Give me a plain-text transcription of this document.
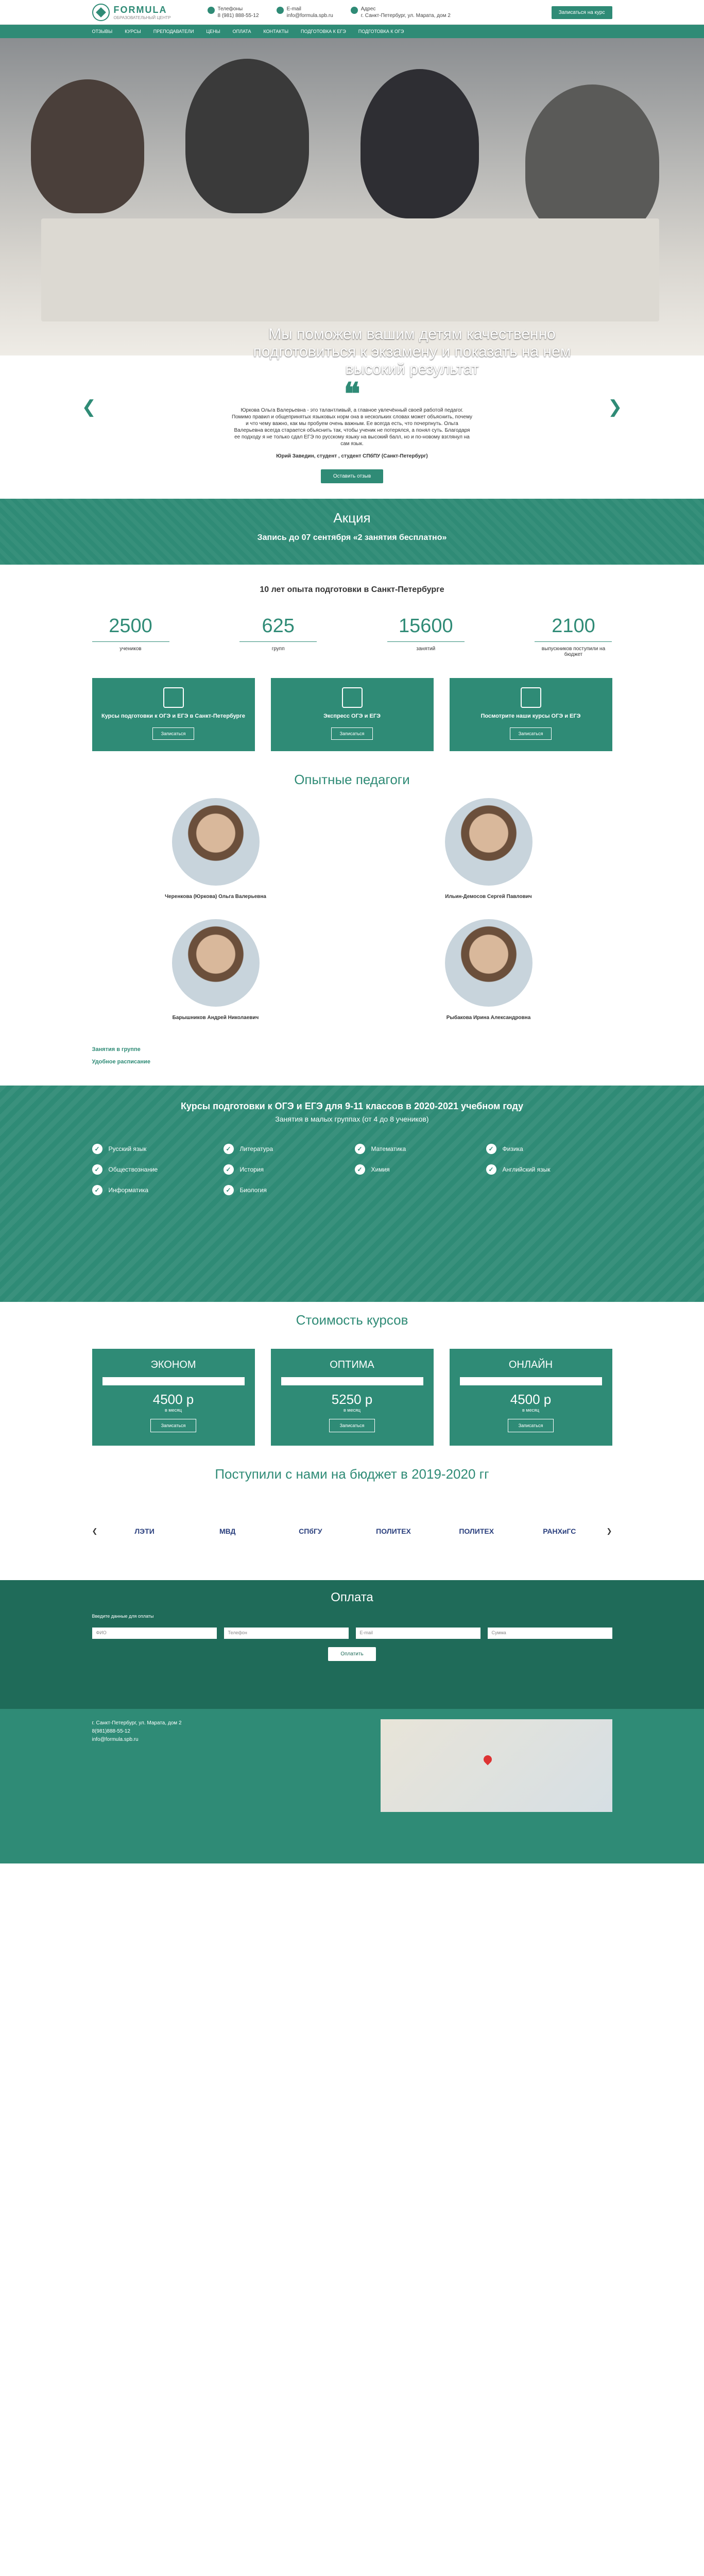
FORMULA
ОБРАЗОВАТЕЛЬНЫЙ ЦЕНТР
Телефоны
8 (981) 888-55-12
E-mail
info@formula.spb.ru
Адрес
г. Санкт-Петербург, ул. Марата, дом 2
Записаться на курс
ОТЗЫВЫ	КУРСЫ	ПРЕПОДАВАТЕЛИ	ЦЕНЫ	ОПЛАТА	КОНТАКТЫ	ПОДГОТОВКА К ЕГЭ	ПОДГОТОВКА К ОГЭ
Мы поможем вашим детям качественно подготовиться к экзамену и показать на нем высокий результат
❮	❯
❝

Юркова Ольга Валерьевна - это талантливый, а главное увлечённый своей работой педагог. Помимо правил и общепринятых языковых норм она в нескольких словах может объяснить, почему и что чему важно, как мы пробуем очень важным. Ее всегда есть, что почерпнуть. Ольга Валерьевна всегда старается объяснить так, чтобы ученик не потерялся, а понял суть. Благодаря ее подходу я не только сдал ЕГЭ по русскому языку на высокий балл, но и по-новому взглянул на сам язык.

Юрий Заведин, студент , студент СПбПУ (Санкт-Петербург)
Оставить отзыв
Акция
Запись до 07 сентября «2 занятия бесплатно»
10 лет опыта подготовки в Санкт-Петербурге
2500
учеников
625
групп
15600
занятий
2100
выпускников поступили на бюджет
Курсы подготовки к ОГЭ и ЕГЭ в Санкт-Петербурге
Записаться
Экспресс ОГЭ и ЕГЭ
Записаться
Посмотрите наши курсы ОГЭ и ЕГЭ
Записаться
Опытные педагоги
Черенкова (Юркова) Ольга Валерьевна	Ильин-Демосов Сергей Павлович
Барышников Андрей Николаевич	Рыбакова Ирина Александровна
Занятия в группе
Удобное расписание
Курсы подготовки к ОГЭ и ЕГЭ для 9-11 классов в 2020-2021 учебном году
Занятия в малых группах (от 4 до 8 учеников)
✓	Русский язык	✓	Литература	✓	Математика	✓	Физика
✓	Обществознание	✓	История	✓	Химия	✓	Английский язык
✓	Информатика	✓	Биология
Стоимость курсов
ЭКОНОМ
4500 р
в месяц
Записаться
ОПТИМА
5250 р
в месяц
Записаться
ОНЛАЙН
4500 р
в месяц
Записаться
Поступили с нами на бюджет в 2019-2020 гг
❮	ЛЭТИ	МВД	СПбГУ	ПОЛИТЕХ	ПОЛИТЕХ	РАНХиГС	❯
Оплата

Введите данные для оплаты

ФИО	Телефон	E-mail	Сумма
Оплатить
г. Санкт-Петербург, ул. Марата, дом 2
8(981)888-55-12
info@formula.spb.ru
